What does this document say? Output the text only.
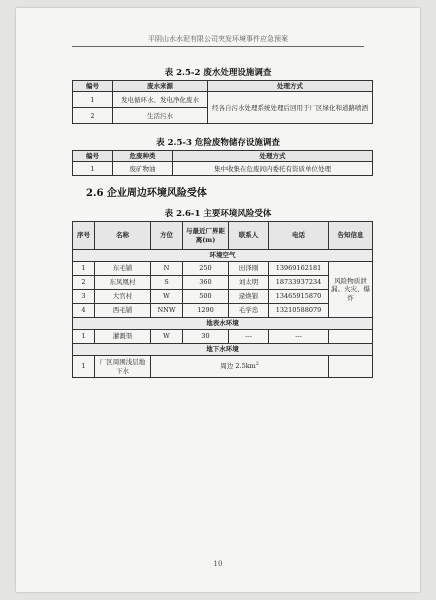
平阴山水水泥有限公司突发环境事件应急预案
表 2.5-2 废水处理设施调查
编号	废水来源	处理方式
1	发电循环水、发电净化废水	经各自污水处理系统处理后回用于厂区绿化和道路喷洒
2	生活污水	
表 2.5-3 危险废物储存设施调查
编号	危废种类	处理方式
1	废矿物油	集中收集在危废间内委托有资质单位处理
2.6 企业周边环境风险受体
表 2.6-1 主要环境风险受体
序号	名称	方位	与最近厂界距离(m)	联系人	电话	告知信息
环境空气						
1	东毛铺	N	250	田泽刚	13969162181	风险物质泄漏、火灾、爆炸
2	东凤凰村	S	360	刘太明	18733937234	
3	大官村	W	500	逯焕银	13465915870	
4	西毛铺	NNW	1290	毛学忠	13210588079	
地表水环境						
1	灌溉渠	W	30	---	---	
地下水环境						
1	厂区周围浅层地下水	周边 $2.5km^2$	
10
